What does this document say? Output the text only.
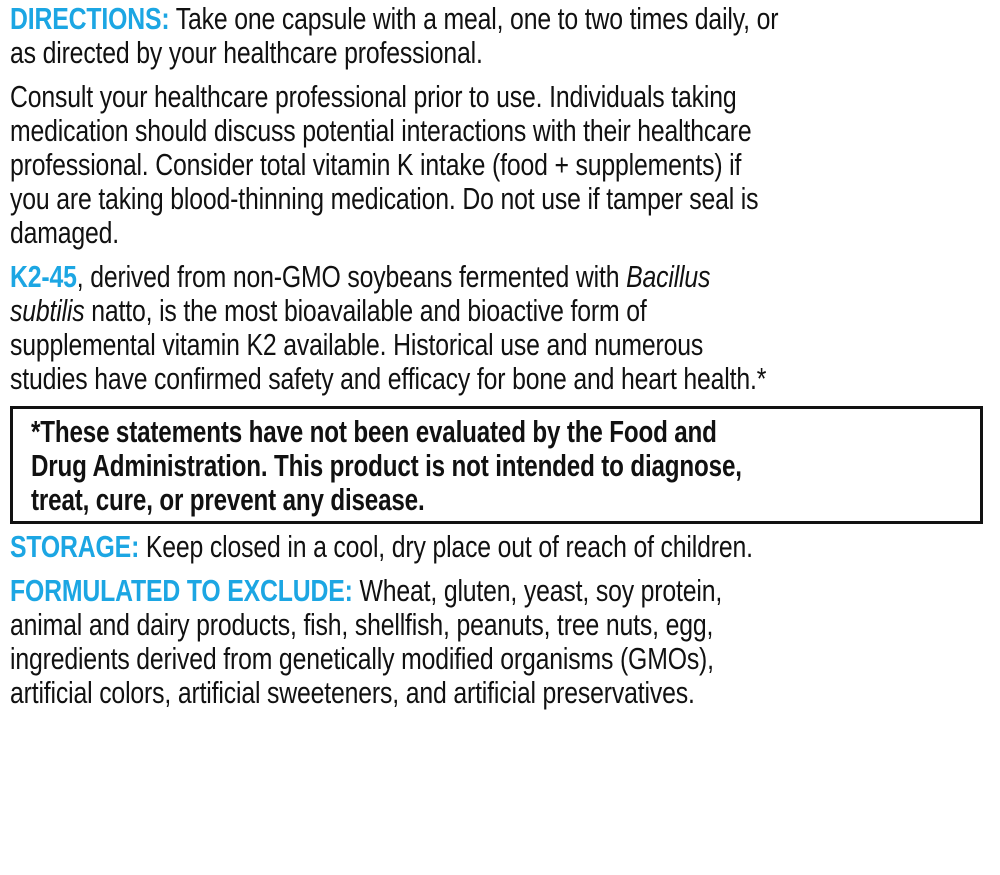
DIRECTIONS: Take one capsule with a meal, one to two times daily, or
as directed by your healthcare professional.
Consult your healthcare professional prior to use. Individuals taking
medication should discuss potential interactions with their healthcare
professional. Consider total vitamin K intake (food + supplements) if
you are taking blood-thinning medication. Do not use if tamper seal is
damaged.
K2-45, derived from non-GMO soybeans fermented with Bacillus
subtilis natto, is the most bioavailable and bioactive form of
supplemental vitamin K2 available. Historical use and numerous
studies have confirmed safety and efficacy for bone and heart health.*
*These statements have not been evaluated by the Food and
Drug Administration. This product is not intended to diagnose,
treat, cure, or prevent any disease.
STORAGE: Keep closed in a cool, dry place out of reach of children.
FORMULATED TO EXCLUDE: Wheat, gluten, yeast, soy protein,
animal and dairy products, fish, shellfish, peanuts, tree nuts, egg,
ingredients derived from genetically modified organisms (GMOs),
artificial colors, artificial sweeteners, and artificial preservatives.
